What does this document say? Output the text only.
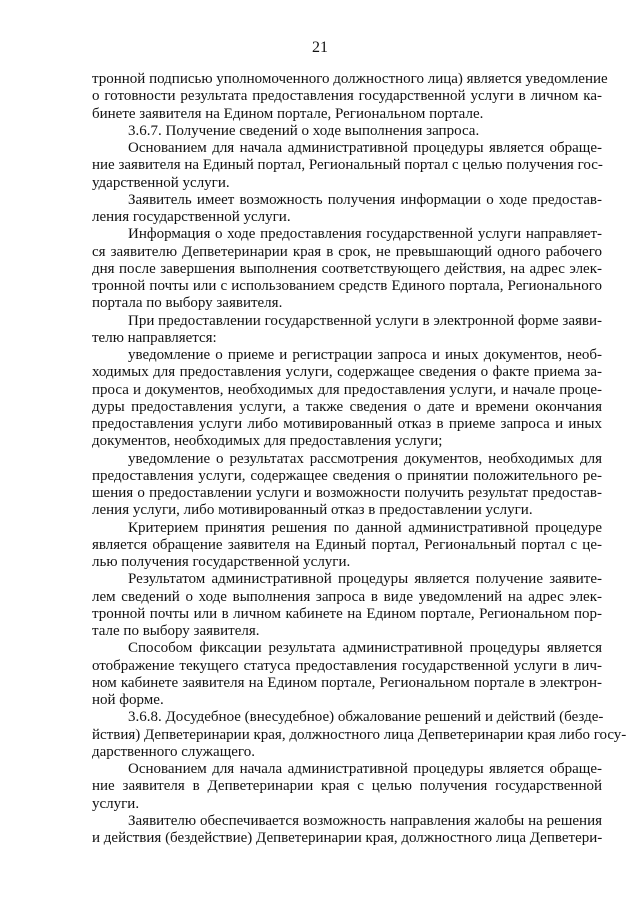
21
тронной подписью уполномоченного должностного лица) является уведомление
о готовности результата предоставления государственной услуги в личном ка-
бинете заявителя на Едином портале, Региональном портале.
3.6.7. Получение сведений о ходе выполнения запроса.
Основанием для начала административной процедуры является обраще-
ние заявителя на Единый портал, Региональный портал с целью получения гос-
ударственной услуги.
Заявитель имеет возможность получения информации о ходе предостав-
ления государственной услуги.
Информация о ходе предоставления государственной услуги направляет-
ся заявителю Депветеринарии края в срок, не превышающий одного рабочего
дня после завершения выполнения соответствующего действия, на адрес элек-
тронной почты или с использованием средств Единого портала, Регионального
портала по выбору заявителя.
При предоставлении государственной услуги в электронной форме заяви-
телю направляется:
уведомление о приеме и регистрации запроса и иных документов, необ-
ходимых для предоставления услуги, содержащее сведения о факте приема за-
проса и документов, необходимых для предоставления услуги, и начале проце-
дуры предоставления услуги, а также сведения о дате и времени окончания
предоставления услуги либо мотивированный отказ в приеме запроса и иных
документов, необходимых для предоставления услуги;
уведомление о результатах рассмотрения документов, необходимых для
предоставления услуги, содержащее сведения о принятии положительного ре-
шения о предоставлении услуги и возможности получить результат предостав-
ления услуги, либо мотивированный отказ в предоставлении услуги.
Критерием принятия решения по данной административной процедуре
является обращение заявителя на Единый портал, Региональный портал с це-
лью получения государственной услуги.
Результатом административной процедуры является получение заявите-
лем сведений о ходе выполнения запроса в виде уведомлений на адрес элек-
тронной почты или в личном кабинете на Едином портале, Региональном пор-
тале по выбору заявителя.
Способом фиксации результата административной процедуры является
отображение текущего статуса предоставления государственной услуги в лич-
ном кабинете заявителя на Едином портале, Региональном портале в электрон-
ной форме.
3.6.8. Досудебное (внесудебное) обжалование решений и действий (безде-
йствия) Депветеринарии края, должностного лица Депветеринарии края либо госу-
дарственного служащего.
Основанием для начала административной процедуры является обраще-
ние заявителя в Депветеринарии края с целью получения государственной
услуги.
Заявителю обеспечивается возможность направления жалобы на решения
и действия (бездействие) Депветеринарии края, должностного лица Депветери-
